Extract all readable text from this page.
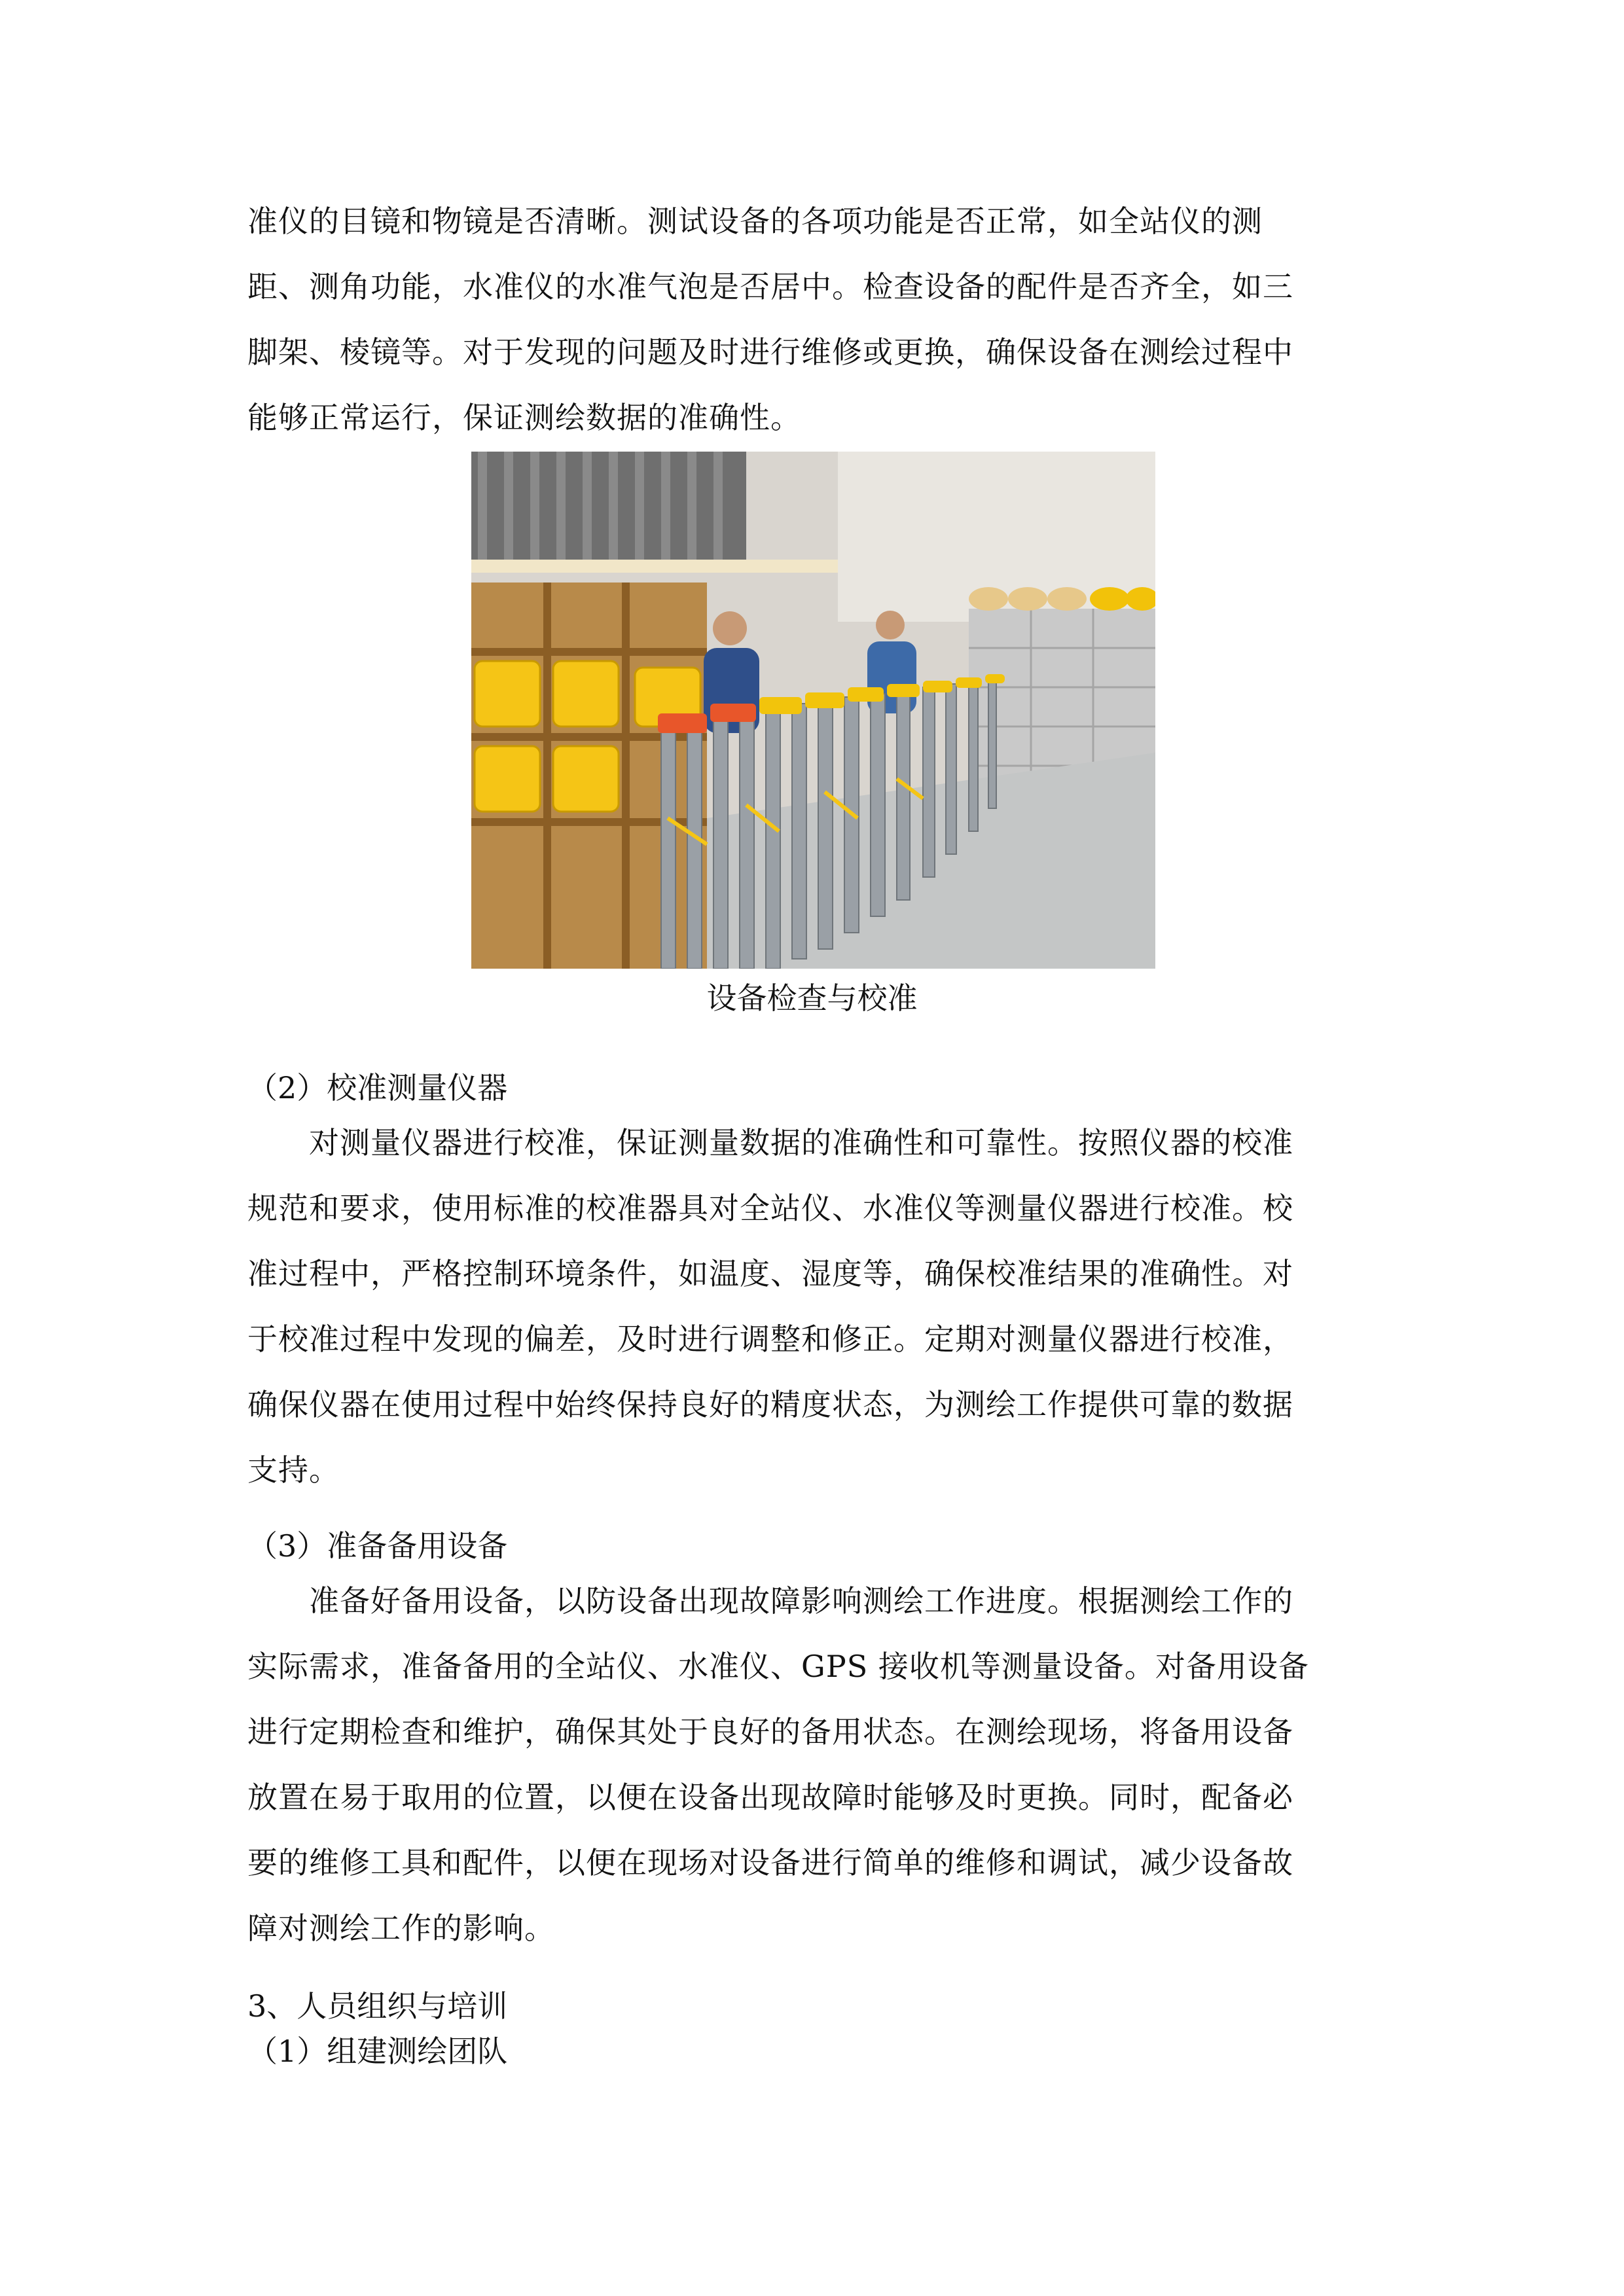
准仪的目镜和物镜是否清晰。测试设备的各项功能是否正常，如全站仪的测
距、测角功能，水准仪的水准气泡是否居中。检查设备的配件是否齐全，如三
脚架、棱镜等。对于发现的问题及时进行维修或更换，确保设备在测绘过程中
能够正常运行，保证测绘数据的准确性。
设备检查与校准
（2）校准测量仪器
　　对测量仪器进行校准，保证测量数据的准确性和可靠性。按照仪器的校准
规范和要求，使用标准的校准器具对全站仪、水准仪等测量仪器进行校准。校
准过程中，严格控制环境条件，如温度、湿度等，确保校准结果的准确性。对
于校准过程中发现的偏差，及时进行调整和修正。定期对测量仪器进行校准，
确保仪器在使用过程中始终保持良好的精度状态，为测绘工作提供可靠的数据
支持。
（3）准备备用设备
　　准备好备用设备，以防设备出现故障影响测绘工作进度。根据测绘工作的
实际需求，准备备用的全站仪、水准仪、GPS 接收机等测量设备。对备用设备
进行定期检查和维护，确保其处于良好的备用状态。在测绘现场，将备用设备
放置在易于取用的位置，以便在设备出现故障时能够及时更换。同时，配备必
要的维修工具和配件，以便在现场对设备进行简单的维修和调试，减少设备故
障对测绘工作的影响。
3、人员组织与培训
（1）组建测绘团队
